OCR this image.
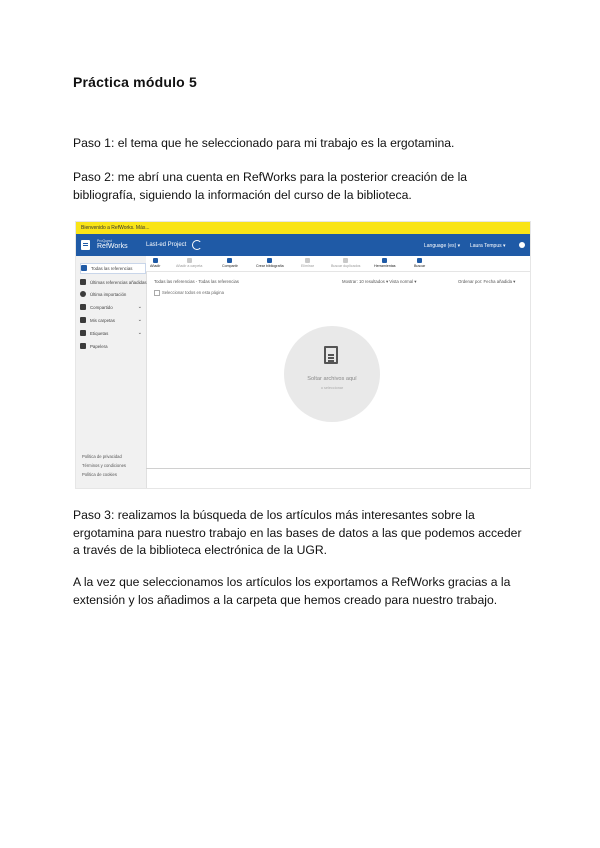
Práctica módulo 5
Paso 1: el tema que he seleccionado para mi trabajo es la ergotamina.
Paso 2: me abrí una cuenta en RefWorks para la posterior creación de la
bibliografía, siguiendo la información del curso de la biblioteca.
Bienvenido a RefWorks. Más...
ProQuest
RefWorks	Last-ed Project	Language (es) ▾ Laura Tempus ▾
Todas las referencias
Últimas referencias añadidas
Última importación
Compartido	⌄
Mis carpetas	⌄
Etiquetas	⌄
Papelera
Política de privacidad
Términos y condiciones
Política de cookies
Añadir	Añadir a carpeta	Compartir	Crear bibliografía	Eliminar	Buscar duplicados	Herramientas	Buscar
Todas las referencias - Todas las referencias	Mostrar: 10 resultados ▾ Vista normal ▾	Ordenar por: Fecha añadida ▾
Seleccionar todos en esta página
Soltar archivos aquí
o seleccionar
Paso 3: realizamos la búsqueda de los artículos más interesantes sobre la
ergotamina para nuestro trabajo en las bases de datos a las que podemos acceder
a través de la biblioteca electrónica de la UGR.
A la vez que seleccionamos los artículos los exportamos a RefWorks gracias a la
extensión y los añadimos a la carpeta que hemos creado para nuestro trabajo.
